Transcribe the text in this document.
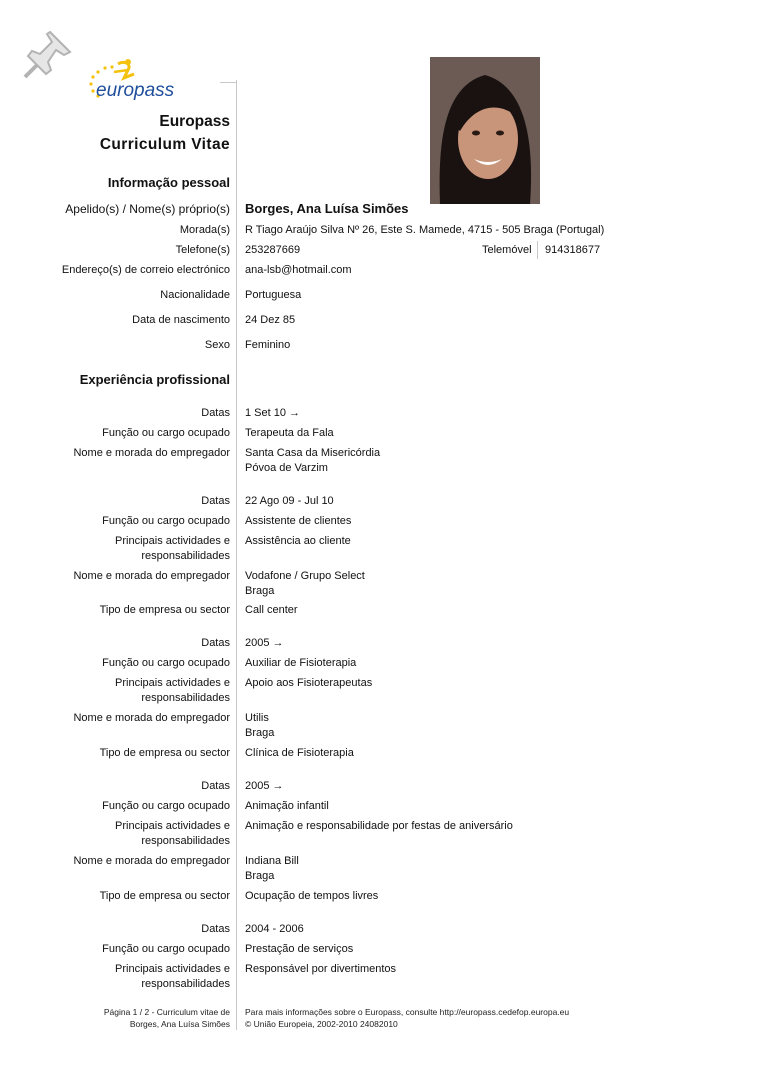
europass
Europass
Curriculum Vitae
Informação pessoal
Apelido(s) / Nome(s) próprio(s) Borges, Ana Luísa Simões
Morada(s) R Tiago Araújo Silva Nº 26, Este S. Mamede, 4715 - 505 Braga (Portugal)
Telefone(s) 253287669	Telemóvel 914318677
Endereço(s) de correio electrónico ana-lsb@hotmail.com
Nacionalidade Portuguesa
Data de nascimento 24 Dez 85
Sexo Feminino
Experiência profissional
Datas 1 Set 10 →
Função ou cargo ocupado Terapeuta da Fala
Nome e morada do empregador Santa Casa da Misericórdia
Póvoa de Varzim
Datas 22 Ago 09 - Jul 10
Função ou cargo ocupado Assistente de clientes
Principais actividades e
responsabilidades
Assistência ao cliente
Nome e morada do empregador Vodafone / Grupo Select
Braga
Tipo de empresa ou sector Call center
Datas 2005 →
Função ou cargo ocupado Auxiliar de Fisioterapia
Principais actividades e
responsabilidades
Apoio aos Fisioterapeutas
Nome e morada do empregador Utilis
Braga
Tipo de empresa ou sector Clínica de Fisioterapia
Datas 2005 →
Função ou cargo ocupado Animação infantil
Principais actividades e
responsabilidades
Animação e responsabilidade por festas de aniversário
Nome e morada do empregador Indiana Bill
Braga
Tipo de empresa ou sector Ocupação de tempos livres
Datas 2004 - 2006
Função ou cargo ocupado Prestação de serviços
Principais actividades e
responsabilidades
Responsável por divertimentos
Página 1 / 2 - Curriculum vitae de
Borges, Ana Luísa Simões
Para mais informações sobre o Europass, consulte http://europass.cedefop.europa.eu
© União Europeia, 2002-2010 24082010
